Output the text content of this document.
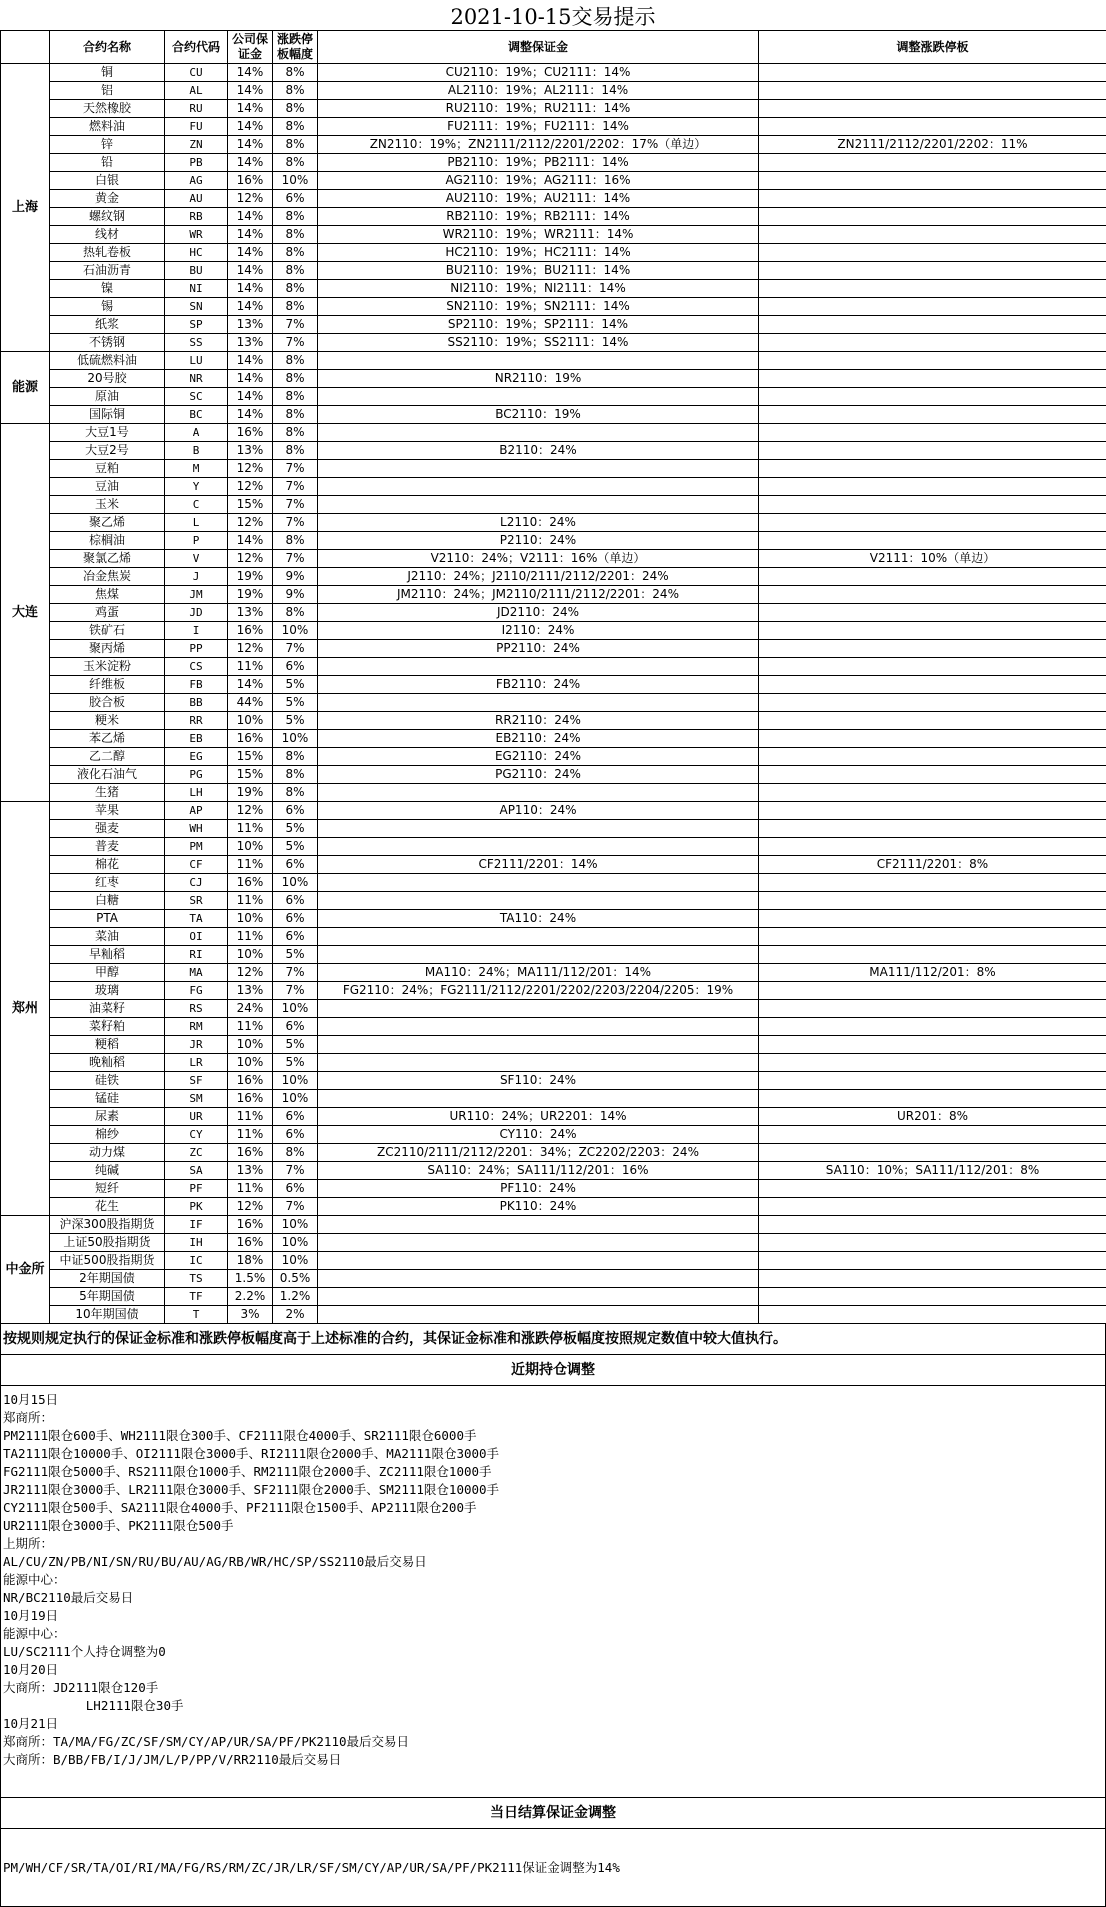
2021-10-15交易提示
	合约名称	合约代码	公司保证金	涨跌停板幅度	调整保证金	调整涨跌停板
上海	铜	CU	14%	8%	CU2110：19%；CU2111：14%	
	铝	AL	14%	8%	AL2110：19%；AL2111：14%	
	天然橡胶	RU	14%	8%	RU2110：19%；RU2111：14%	
	燃料油	FU	14%	8%	FU2111：19%；FU2111：14%	
	锌	ZN	14%	8%	ZN2110：19%；ZN2111/2112/2201/2202：17%（单边）	ZN2111/2112/2201/2202：11%
	铅	PB	14%	8%	PB2110：19%；PB2111：14%	
	白银	AG	16%	10%	AG2110：19%；AG2111：16%	
	黄金	AU	12%	6%	AU2110：19%；AU2111：14%	
	螺纹钢	RB	14%	8%	RB2110：19%；RB2111：14%	
	线材	WR	14%	8%	WR2110：19%；WR2111：14%	
	热轧卷板	HC	14%	8%	HC2110：19%；HC2111：14%	
	石油沥青	BU	14%	8%	BU2110：19%；BU2111：14%	
	镍	NI	14%	8%	NI2110：19%；NI2111：14%	
	锡	SN	14%	8%	SN2110：19%；SN2111：14%	
	纸浆	SP	13%	7%	SP2110：19%；SP2111：14%	
	不锈钢	SS	13%	7%	SS2110：19%；SS2111：14%	
能源	低硫燃料油	LU	14%	8%		
	20号胶	NR	14%	8%	NR2110：19%	
	原油	SC	14%	8%		
	国际铜	BC	14%	8%	BC2110：19%	
大连	大豆1号	A	16%	8%		
	大豆2号	B	13%	8%	B2110：24%	
	豆粕	M	12%	7%		
	豆油	Y	12%	7%		
	玉米	C	15%	7%		
	聚乙烯	L	12%	7%	L2110：24%	
	棕榈油	P	14%	8%	P2110：24%	
	聚氯乙烯	V	12%	7%	V2110：24%；V2111：16%（单边）	V2111：10%（单边）
	冶金焦炭	J	19%	9%	J2110：24%；J2110/2111/2112/2201：24%	
	焦煤	JM	19%	9%	JM2110：24%；JM2110/2111/2112/2201：24%	
	鸡蛋	JD	13%	8%	JD2110：24%	
	铁矿石	I	16%	10%	I2110：24%	
	聚丙烯	PP	12%	7%	PP2110：24%	
	玉米淀粉	CS	11%	6%		
	纤维板	FB	14%	5%	FB2110：24%	
	胶合板	BB	44%	5%		
	粳米	RR	10%	5%	RR2110：24%	
	苯乙烯	EB	16%	10%	EB2110：24%	
	乙二醇	EG	15%	8%	EG2110：24%	
	液化石油气	PG	15%	8%	PG2110：24%	
	生猪	LH	19%	8%		
郑州	苹果	AP	12%	6%	AP110：24%	
	强麦	WH	11%	5%		
	普麦	PM	10%	5%		
	棉花	CF	11%	6%	CF2111/2201：14%	CF2111/2201：8%
	红枣	CJ	16%	10%		
	白糖	SR	11%	6%		
	PTA	TA	10%	6%	TA110：24%	
	菜油	OI	11%	6%		
	早籼稻	RI	10%	5%		
	甲醇	MA	12%	7%	MA110：24%；MA111/112/201：14%	MA111/112/201：8%
	玻璃	FG	13%	7%	FG2110：24%；FG2111/2112/2201/2202/2203/2204/2205：19%	
	油菜籽	RS	24%	10%		
	菜籽粕	RM	11%	6%		
	粳稻	JR	10%	5%		
	晚籼稻	LR	10%	5%		
	硅铁	SF	16%	10%	SF110：24%	
	锰硅	SM	16%	10%		
	尿素	UR	11%	6%	UR110：24%；UR2201：14%	UR201：8%
	棉纱	CY	11%	6%	CY110：24%	
	动力煤	ZC	16%	8%	ZC2110/2111/2112/2201：34%；ZC2202/2203：24%	
	纯碱	SA	13%	7%	SA110：24%；SA111/112/201：16%	SA110：10%；SA111/112/201：8%
	短纤	PF	11%	6%	PF110：24%	
	花生	PK	12%	7%	PK110：24%	
中金所	沪深300股指期货	IF	16%	10%		
	上证50股指期货	IH	16%	10%		
	中证500股指期货	IC	18%	10%		
	2年期国债	TS	1.5%	0.5%		
	5年期国债	TF	2.2%	1.2%		
	10年期国债	T	3%	2%		
按规则规定执行的保证金标准和涨跌停板幅度高于上述标准的合约，其保证金标准和涨跌停板幅度按照规定数值中较大值执行。
近期持仓调整
10月15日
郑商所：
PM2111限仓600手、WH2111限仓300手、CF2111限仓4000手、SR2111限仓6000手
TA2111限仓10000手、OI2111限仓3000手、RI2111限仓2000手、MA2111限仓3000手
FG2111限仓5000手、RS2111限仓1000手、RM2111限仓2000手、ZC2111限仓1000手
JR2111限仓3000手、LR2111限仓3000手、SF2111限仓2000手、SM2111限仓10000手
CY2111限仓500手、SA2111限仓4000手、PF2111限仓1500手、AP2111限仓200手
UR2111限仓3000手、PK2111限仓500手
上期所：
AL/CU/ZN/PB/NI/SN/RU/BU/AU/AG/RB/WR/HC/SP/SS2110最后交易日
能源中心：
NR/BC2110最后交易日
10月19日
能源中心：
LU/SC2111个人持仓调整为0
10月20日
大商所：JD2111限仓120手
LH2111限仓30手
10月21日
郑商所：TA/MA/FG/ZC/SF/SM/CY/AP/UR/SA/PF/PK2110最后交易日
大商所：B/BB/FB/I/J/JM/L/P/PP/V/RR2110最后交易日
当日结算保证金调整
PM/WH/CF/SR/TA/OI/RI/MA/FG/RS/RM/ZC/JR/LR/SF/SM/CY/AP/UR/SA/PF/PK2111保证金调整为14%
